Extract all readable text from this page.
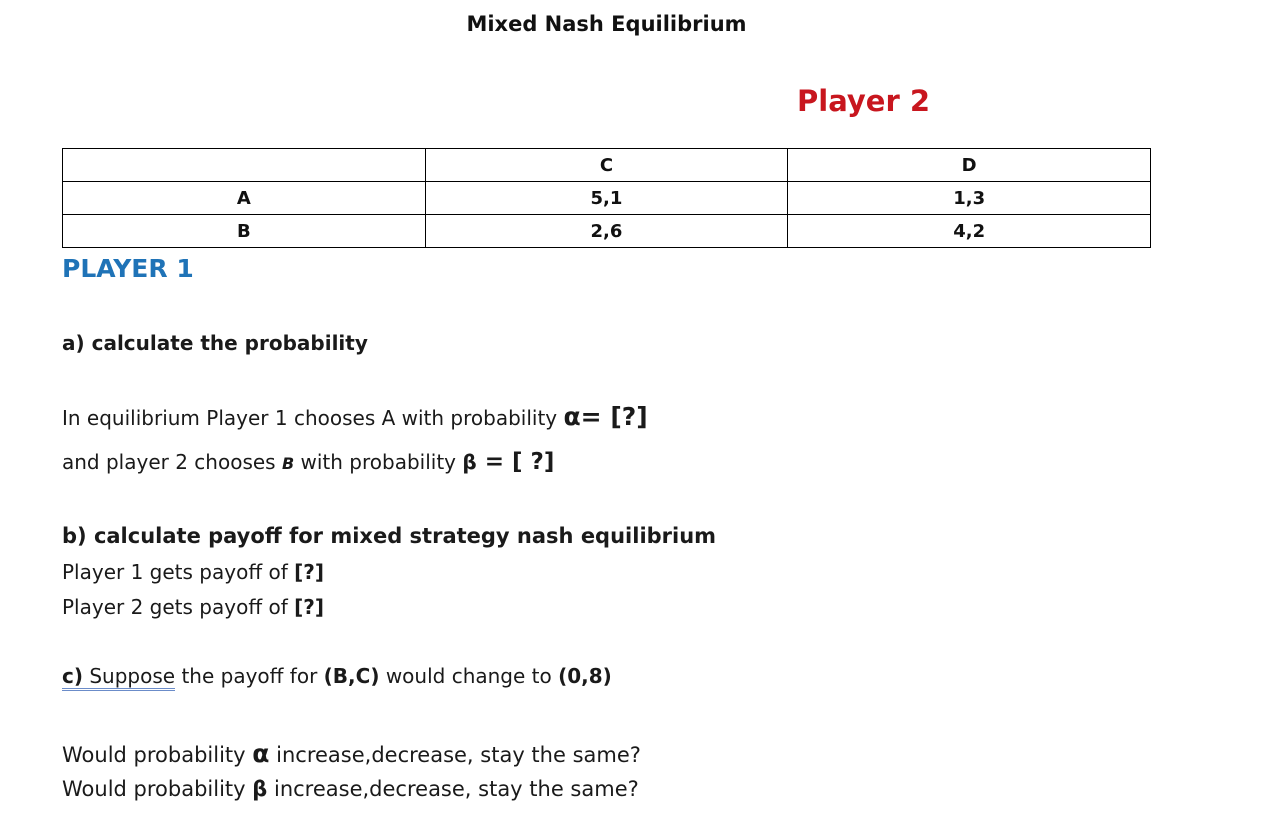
Mixed Nash Equilibrium
Player 2
	C	D
A	5,1	1,3
B	2,6	4,2
PLAYER 1
a) calculate the probability
In equilibrium Player 1 chooses A with probability α= [?]
and player 2 chooses B with probability β = [ ?]
b) calculate payoff for mixed strategy nash equilibrium
Player 1 gets payoff of [?]
Player 2 gets payoff of [?]
c) Suppose the payoff for (B,C) would change to (0,8)
Would probability α increase,decrease, stay the same?
Would probability β increase,decrease, stay the same?
